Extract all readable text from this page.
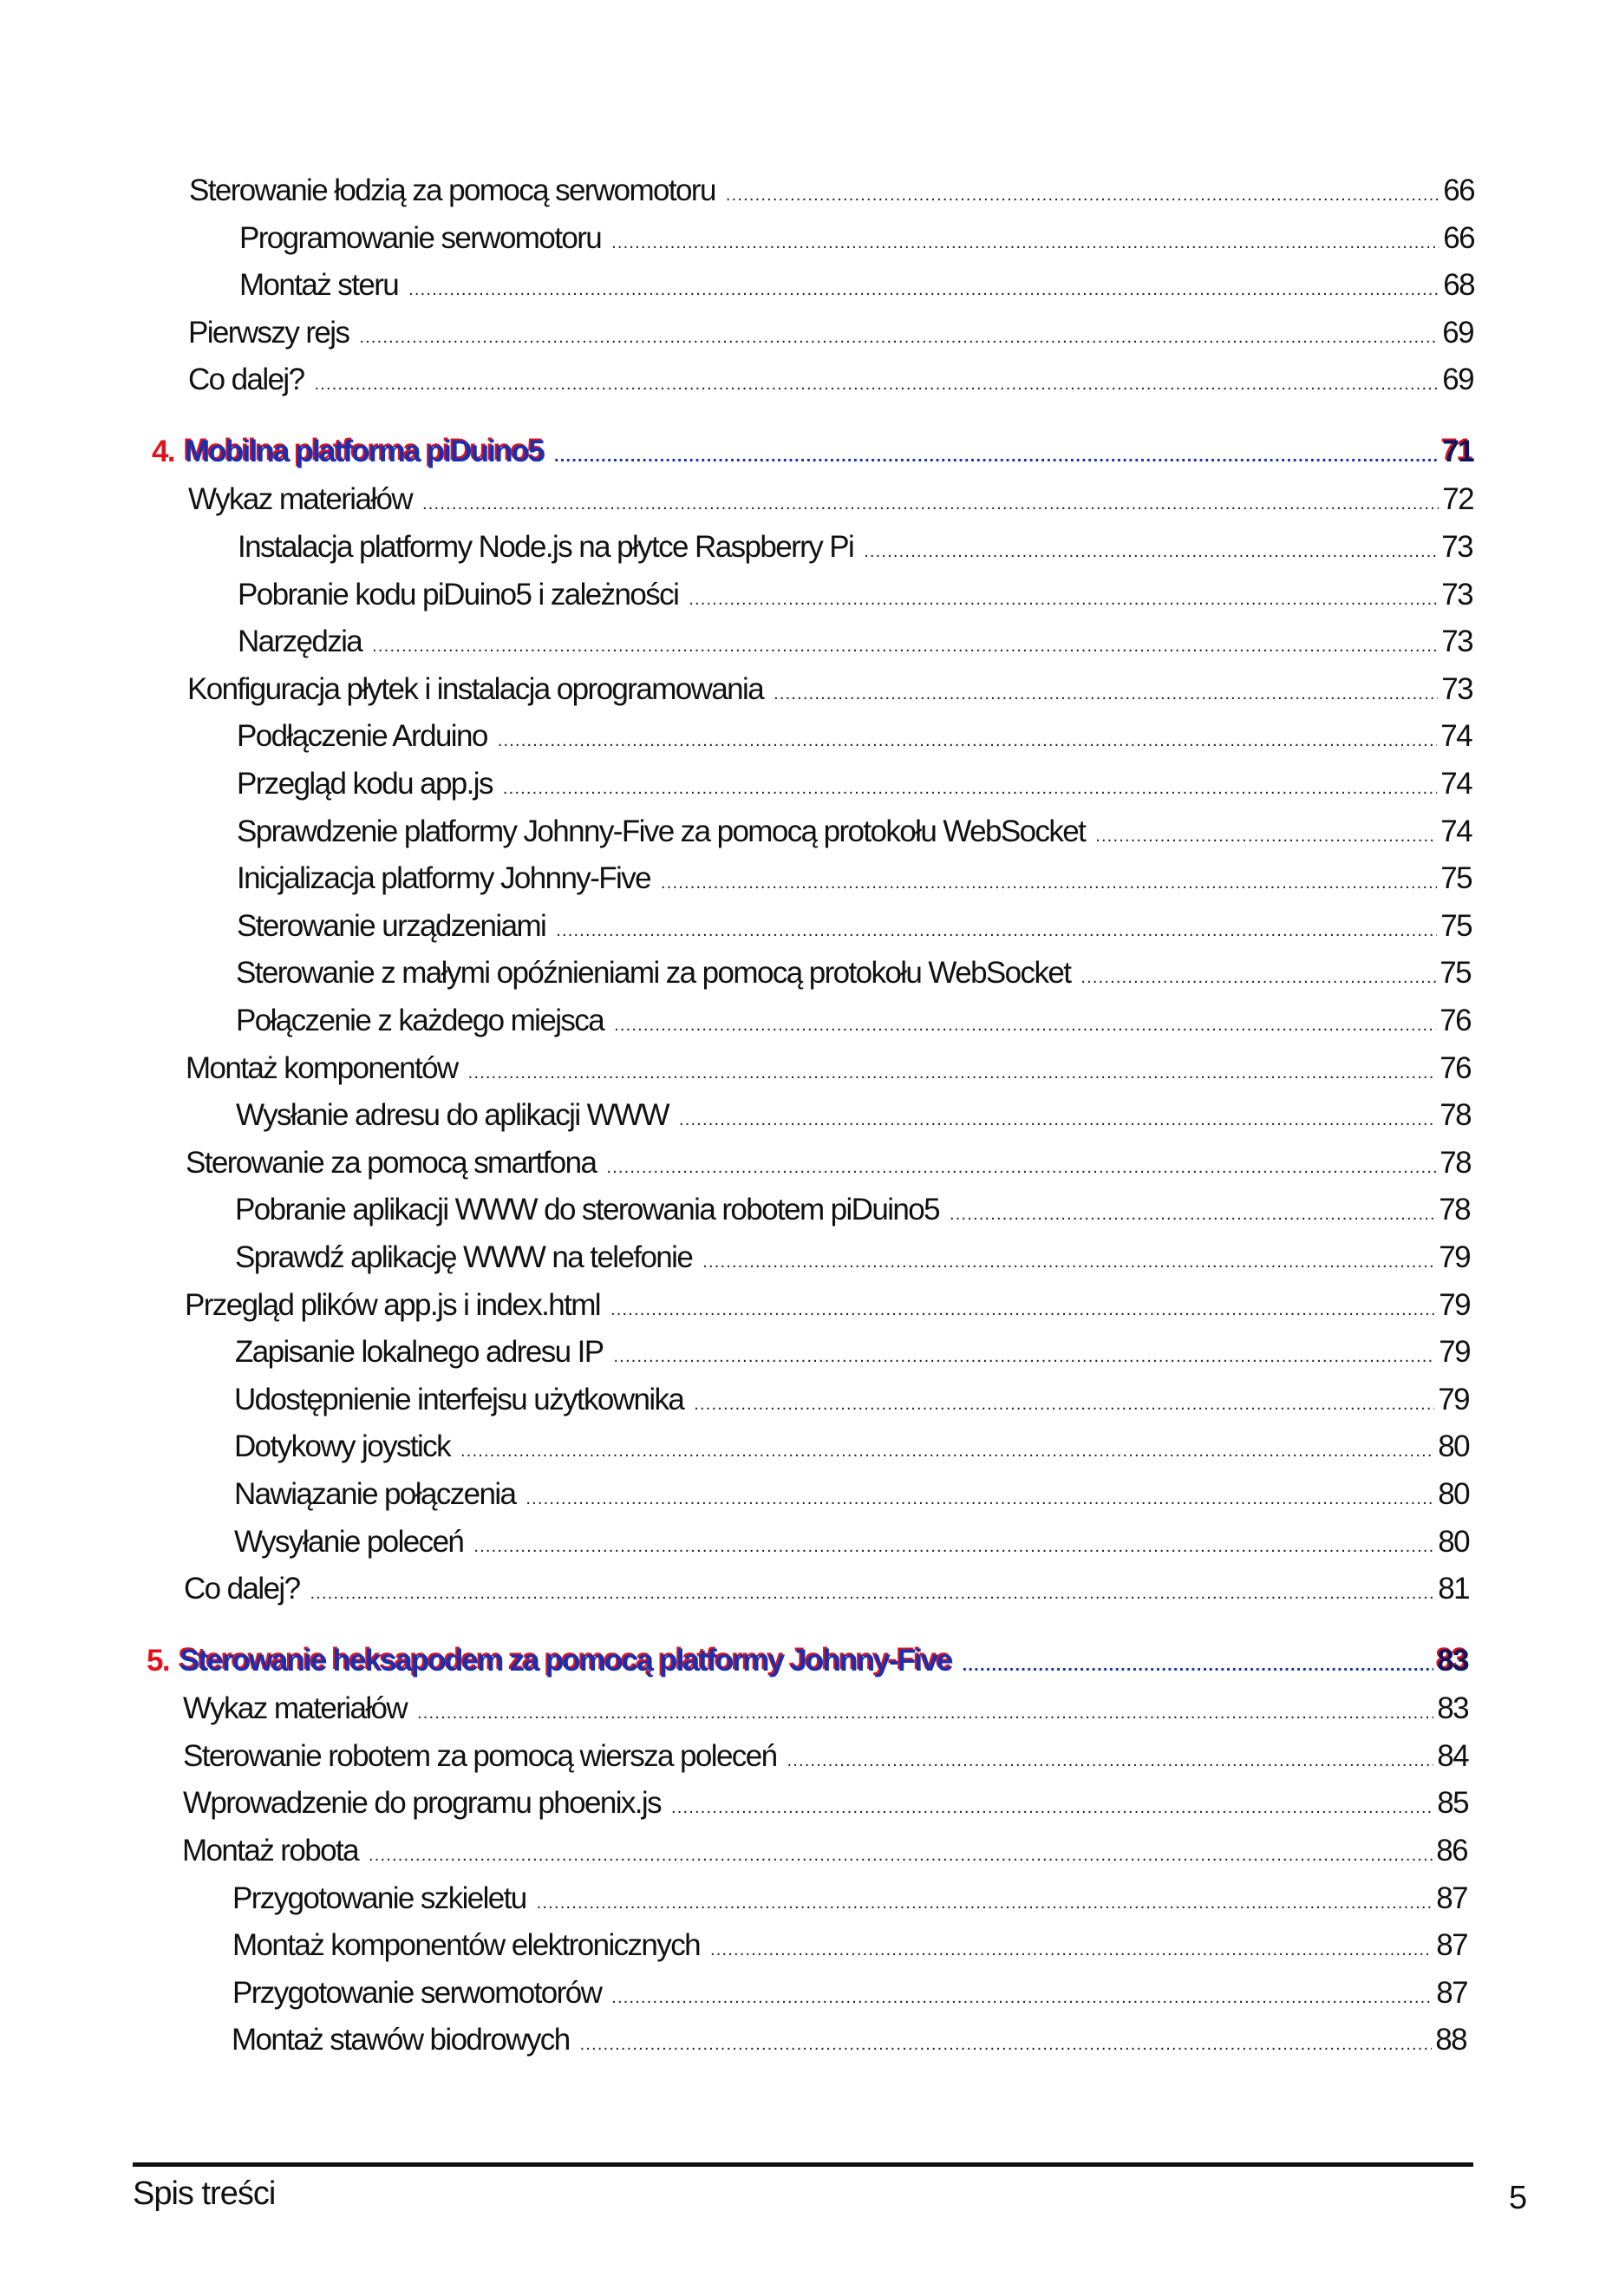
Sterowanie łodzią za pomocą serwomotoru .....	66
Programowanie serwomotoru .....	66
Montaż steru .....	68
Pierwszy rejs .....	69
Co dalej? .....	69
4. Mobilna platforma piDuino5 .....	71
Wykaz materiałów .....	72
Instalacja platformy Node.js na płytce Raspberry Pi .....	73
Pobranie kodu piDuino5 i zależności .....	73
Narzędzia .....	73
Konfiguracja płytek i instalacja oprogramowania .....	73
Podłączenie Arduino .....	74
Przegląd kodu app.js .....	74
Sprawdzenie platformy Johnny-Five za pomocą protokołu WebSocket .....	74
Inicjalizacja platformy Johnny-Five .....	75
Sterowanie urządzeniami .....	75
Sterowanie z małymi opóźnieniami za pomocą protokołu WebSocket .....	75
Połączenie z każdego miejsca .....	76
Montaż komponentów .....	76
Wysłanie adresu do aplikacji WWW .....	78
Sterowanie za pomocą smartfona .....	78
Pobranie aplikacji WWW do sterowania robotem piDuino5 .....	78
Sprawdź aplikację WWW na telefonie .....	79
Przegląd plików app.js i index.html .....	79
Zapisanie lokalnego adresu IP .....	79
Udostępnienie interfejsu użytkownika .....	79
Dotykowy joystick .....	80
Nawiązanie połączenia .....	80
Wysyłanie poleceń .....	80
Co dalej? .....	81
5. Sterowanie heksapodem za pomocą platformy Johnny-Five .....	83
Wykaz materiałów .....	83
Sterowanie robotem za pomocą wiersza poleceń .....	84
Wprowadzenie do programu phoenix.js .....	85
Montaż robota .....	86
Przygotowanie szkieletu .....	87
Montaż komponentów elektronicznych .....	87
Przygotowanie serwomotorów .....	87
Montaż stawów biodrowych .....	88
Spis treści	5
